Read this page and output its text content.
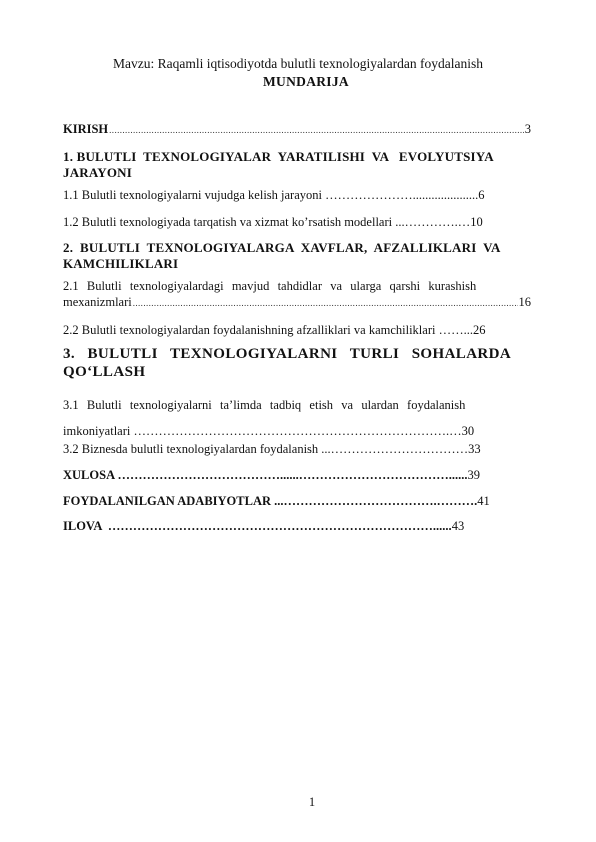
Mavzu: Raqamli iqtisodiyotda bulutli texnologiyalardan foydalanish
MUNDARIJA
KIRISH .....	3
1. BULUTLI  TEXNOLOGIYALAR  YARATILISHI  VA   EVOLYUTSIYA
JARAYONI
1.1 Bulutli texnologiyalarni vujudga kelish jarayoni …………………..................... 6
1.2 Bulutli texnologiyada tarqatish va xizmat ko’rsatish modellari ...………….… 10
2.  BULUTLI  TEXNOLOGIYALARGA  XAVFLAR,  AFZALLIKLARI  VA
KAMCHILIKLARI
2.1  Bulutli  texnologiyalardagi  mavjud  tahdidlar  va  ularga  qarshi  kurashish
mexanizmlari .....	16
2.2 Bulutli texnologiyalardan foydalanishning afzalliklari va kamchiliklari ……... 26
3.   BULUTLI   TEXNOLOGIYALARNI   TURLI   SOHALARDA
QO‘LLASH
3.1  Bulutli  texnologiyalarni  ta’limda  tadbiq  etish  va  ulardan  foydalanish
imkoniyatlari ………………………………………………………………….… 30
3.2 Biznesda bulutli texnologiyalardan foydalanish ...…………………………… 33
XULOSA …………………………………......………………………………...... 39
FOYDALANILGAN ADABIYOTLAR ...……………………………….………. 41
ILOVA  ……………………………………………………………………...... 43
1
